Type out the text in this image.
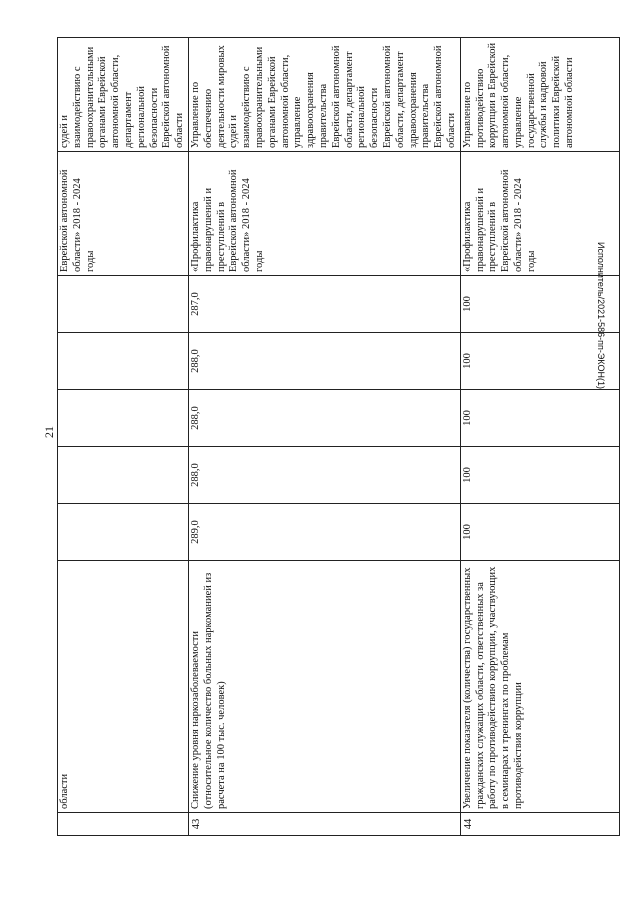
21
Исполнитель/2021-586-пп-ЭКОН(1)
	области						Еврейской автономной области» 2018 - 2024 годы	судей и взаимодействию с правоохранительными органами Еврейской автономной области, департамент региональной безопасности Еврейской автономной области
43	Снижение уровня наркозаболеваемости (относительное количество больных наркоманией из расчета на 100 тыс. человек)	289,0	288,0	288,0	288,0	287,0	«Профилактика правонарушений и преступлений в Еврейской автономной области» 2018 - 2024 годы	Управление по обеспечению деятельности мировых судей и взаимодействию с правоохранительными органами Еврейской автономной области, управление здравоохранения правительства Еврейской автономной области, департамент региональной безопасности Еврейской автономной области, департамент здравоохранения правительства Еврейской автономной области
44	Увеличение показателя (количества) государственных гражданских служащих области, ответственных за работу по противодействию коррупции, участвующих в семинарах и тренингах по проблемам противодействия коррупции	100	100	100	100	100	«Профилактика правонарушений и преступлений в Еврейской автономной области» 2018 - 2024 годы	Управление по противодействию коррупции в Еврейской автономной области, управление государственной службы и кадровой политики Еврейской автономной области
